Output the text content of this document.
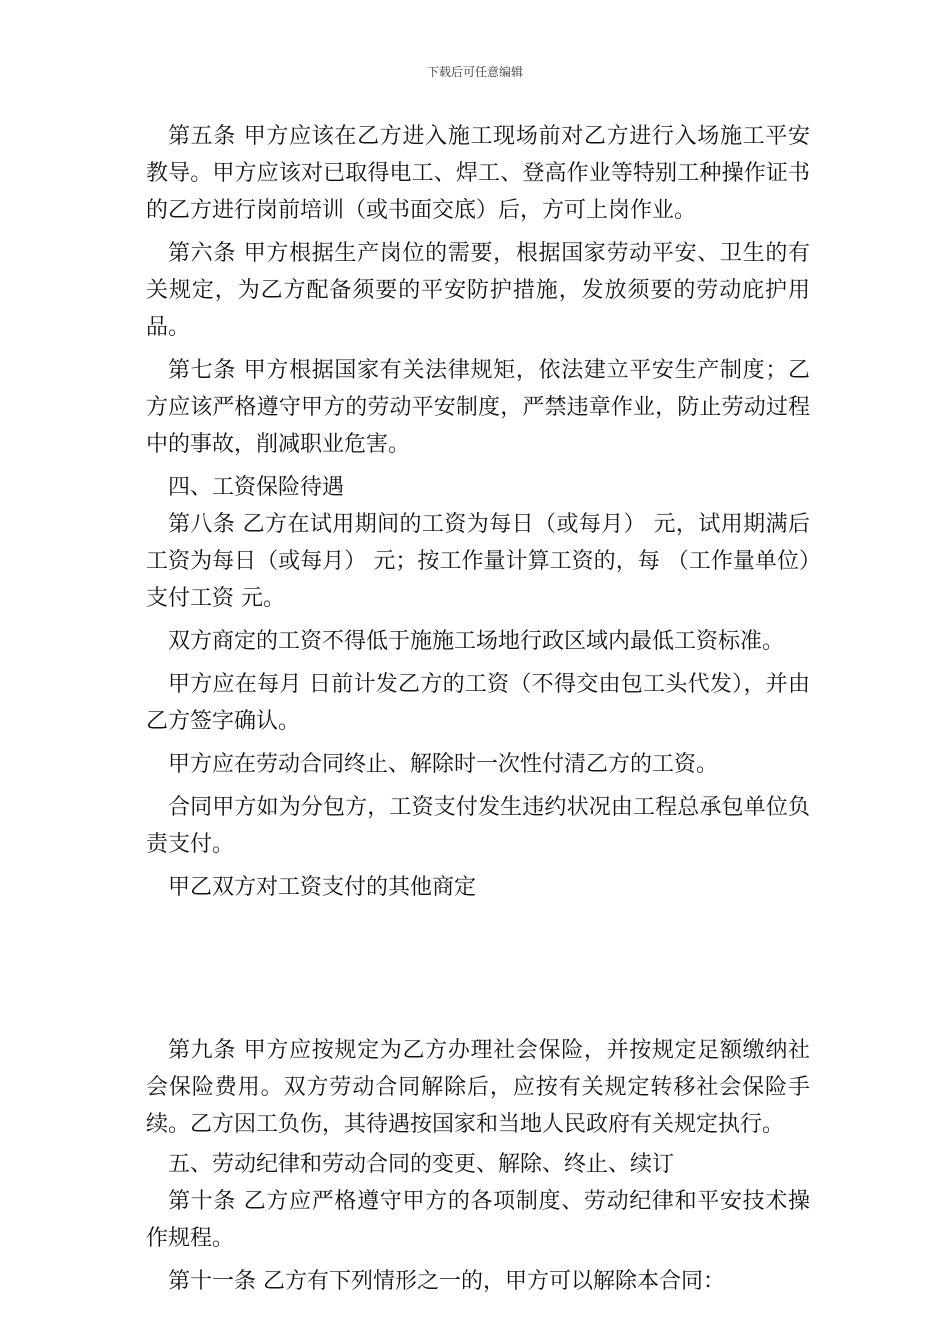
下载后可任意编辑

第五条 甲方应该在乙方进入施工现场前对乙方进行入场施工平安教导。甲方应该对已取得电工、焊工、登高作业等特别工种操作证书的乙方进行岗前培训（或书面交底）后，方可上岗作业。

第六条 甲方根据生产岗位的需要，根据国家劳动平安、卫生的有关规定，为乙方配备须要的平安防护措施，发放须要的劳动庇护用品。

第七条 甲方根据国家有关法律规矩，依法建立平安生产制度；乙方应该严格遵守甲方的劳动平安制度，严禁违章作业，防止劳动过程中的事故，削减职业危害。

四、工资保险待遇

第八条 乙方在试用期间的工资为每日（或每月） 元，试用期满后工资为每日（或每月） 元；按工作量计算工资的，每 （工作量单位）支付工资 元。

双方商定的工资不得低于施施工场地行政区域内最低工资标准。

甲方应在每月 日前计发乙方的工资（不得交由包工头代发），并由乙方签字确认。

甲方应在劳动合同终止、解除时一次性付清乙方的工资。

合同甲方如为分包方，工资支付发生违约状况由工程总承包单位负责支付。

甲乙双方对工资支付的其他商定

第九条 甲方应按规定为乙方办理社会保险，并按规定足额缴纳社会保险费用。双方劳动合同解除后，应按有关规定转移社会保险手续。乙方因工负伤，其待遇按国家和当地人民政府有关规定执行。

五、劳动纪律和劳动合同的变更、解除、终止、续订

第十条 乙方应严格遵守甲方的各项制度、劳动纪律和平安技术操作规程。

第十一条 乙方有下列情形之一的，甲方可以解除本合同：
